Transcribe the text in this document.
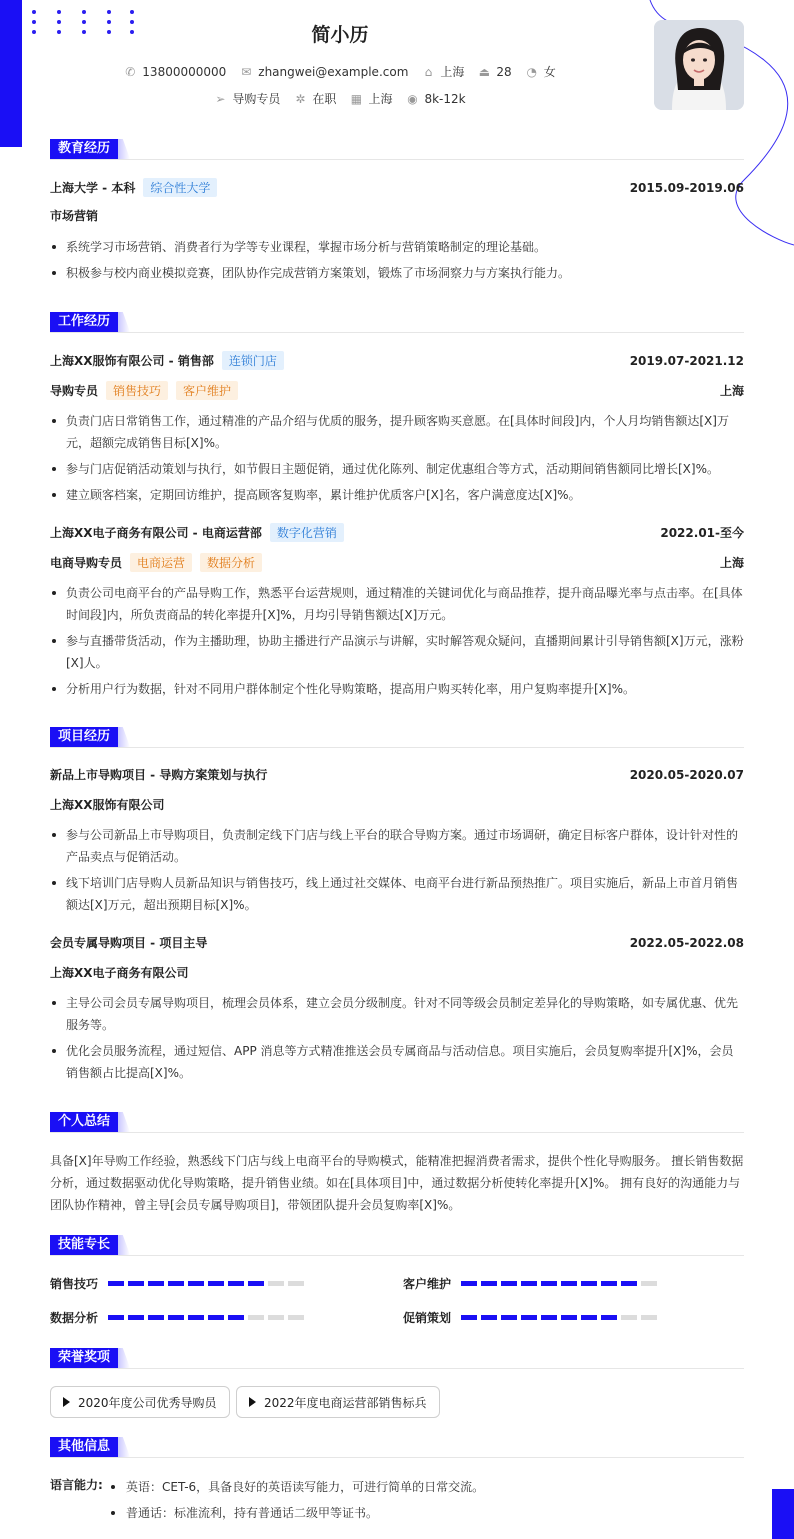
简小历
✆ 13800000000 ✉ zhangwei@example.com ⌂ 上海 ⏏ 28 ◔ 女
➢ 导购专员 ✲ 在职 ▦ 上海 ◉ 8k-12k
教育经历
上海大学 - 本科	综合性大学	2015.09-2019.06
市场营销
系统学习市场营销、消费者行为学等专业课程，掌握市场分析与营销策略制定的理论基础。
积极参与校内商业模拟竞赛，团队协作完成营销方案策划，锻炼了市场洞察力与方案执行能力。
工作经历
上海XX服饰有限公司 - 销售部	连锁门店	2019.07-2021.12
导购专员	销售技巧	客户维护	上海
负责门店日常销售工作，通过精准的产品介绍与优质的服务，提升顾客购买意愿。在[具体时间段]内，个人月均销售额达[X]万元，超额完成销售目标[X]%。
参与门店促销活动策划与执行，如节假日主题促销，通过优化陈列、制定优惠组合等方式，活动期间销售额同比增长[X]%。
建立顾客档案，定期回访维护，提高顾客复购率，累计维护优质客户[X]名，客户满意度达[X]%。
上海XX电子商务有限公司 - 电商运营部	数字化营销	2022.01-至今
电商导购专员	电商运营	数据分析	上海
负责公司电商平台的产品导购工作，熟悉平台运营规则，通过精准的关键词优化与商品推荐，提升商品曝光率与点击率。在[具体时间段]内，所负责商品的转化率提升[X]%，月均引导销售额达[X]万元。
参与直播带货活动，作为主播助理，协助主播进行产品演示与讲解，实时解答观众疑问，直播期间累计引导销售额[X]万元，涨粉[X]人。
分析用户行为数据，针对不同用户群体制定个性化导购策略，提高用户购买转化率，用户复购率提升[X]%。
项目经历
新品上市导购项目 - 导购方案策划与执行	2020.05-2020.07
上海XX服饰有限公司
参与公司新品上市导购项目，负责制定线下门店与线上平台的联合导购方案。通过市场调研，确定目标客户群体，设计针对性的产品卖点与促销活动。
线下培训门店导购人员新品知识与销售技巧，线上通过社交媒体、电商平台进行新品预热推广。项目实施后，新品上市首月销售额达[X]万元，超出预期目标[X]%。
会员专属导购项目 - 项目主导	2022.05-2022.08
上海XX电子商务有限公司
主导公司会员专属导购项目，梳理会员体系，建立会员分级制度。针对不同等级会员制定差异化的导购策略，如专属优惠、优先服务等。
优化会员服务流程，通过短信、APP 消息等方式精准推送会员专属商品与活动信息。项目实施后，会员复购率提升[X]%，会员销售额占比提高[X]%。
个人总结
具备[X]年导购工作经验，熟悉线下门店与线上电商平台的导购模式，能精准把握消费者需求，提供个性化导购服务。 擅长销售数据分析，通过数据驱动优化导购策略，提升销售业绩。如在[具体项目]中，通过数据分析使转化率提升[X]%。 拥有良好的沟通能力与团队协作精神，曾主导[会员专属导购项目]，带领团队提升会员复购率[X]%。
技能专长
销售技巧	客户维护
数据分析	促销策划
荣誉奖项
2020年度公司优秀导购员	2022年度电商运营部销售标兵
其他信息
语言能力:	英语：CET-6，具备良好的英语读写能力，可进行简单的日常交流。
普通话：标准流利，持有普通话二级甲等证书。
